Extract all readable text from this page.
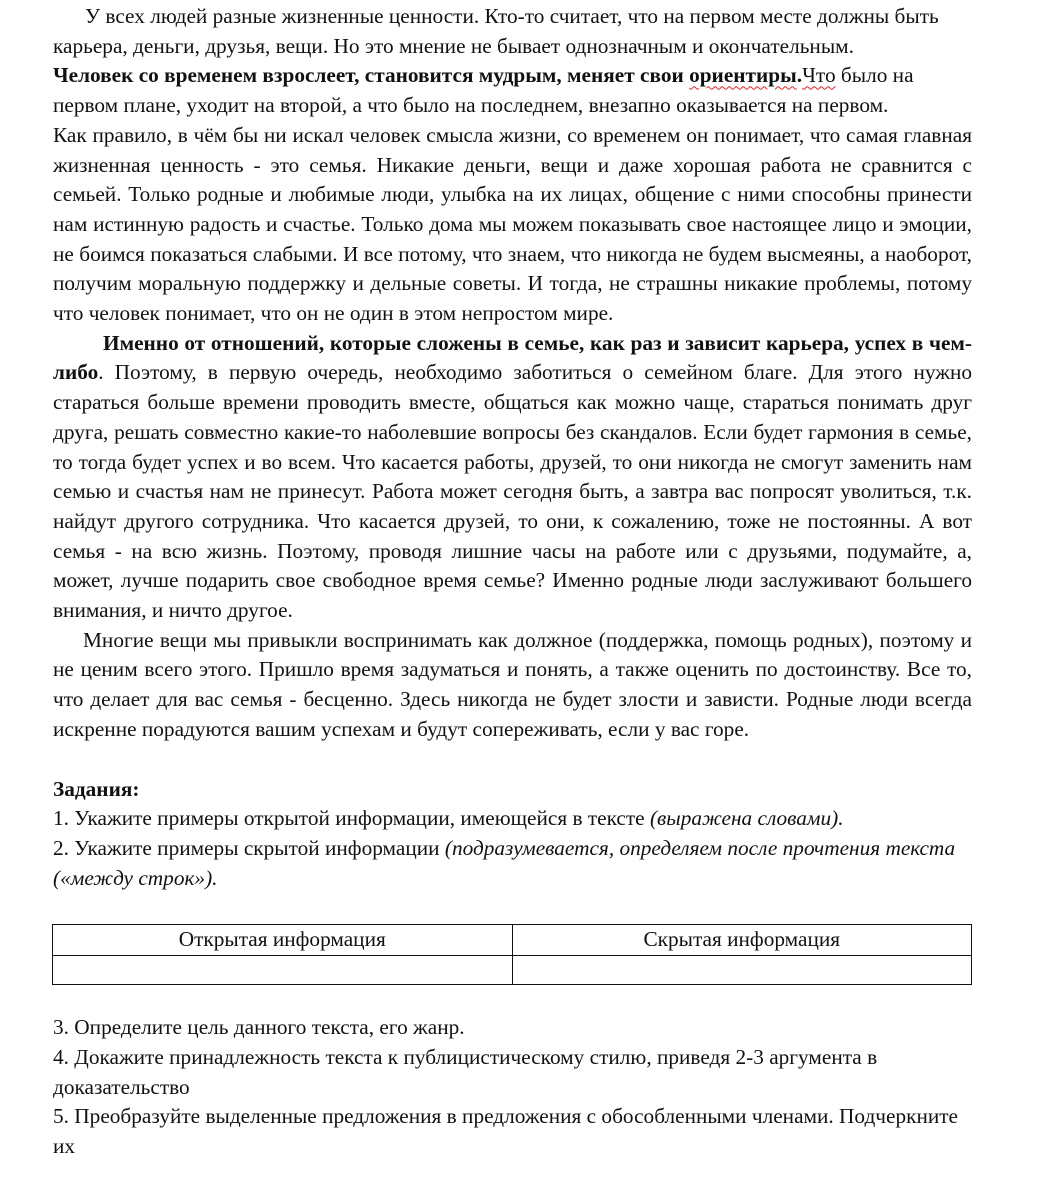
У всех людей разные жизненные ценности. Кто-то считает, что на первом месте должны быть карьера, деньги, друзья, вещи. Но это мнение не бывает однозначным и окончательным.
Человек со временем взрослеет, становится мудрым, меняет свои ориентиры.Что было на первом плане, уходит на второй, а что было на последнем, внезапно оказывается на первом.

Как правило, в чём бы ни искал человек смысла жизни, со временем он понимает, что самая главная жизненная ценность - это семья. Никакие деньги, вещи и даже хорошая работа не сравнится с семьей. Только родные и любимые люди, улыбка на их лицах, общение с ними способны принести нам истинную радость и счастье. Только дома мы можем показывать свое настоящее лицо и эмоции, не боимся показаться слабыми. И все потому, что знаем, что никогда не будем высмеяны, а наоборот, получим моральную поддержку и дельные советы. И тогда, не страшны никакие проблемы, потому что человек понимает, что он не один в этом непростом мире.

Именно от отношений, которые сложены в семье, как раз и зависит карьера, успех в чем-либо. Поэтому, в первую очередь, необходимо заботиться о семейном благе. Для этого нужно стараться больше времени проводить вместе, общаться как можно чаще, стараться понимать друг друга, решать совместно какие-то наболевшие вопросы без скандалов. Если будет гармония в семье, то тогда будет успех и во всем. Что касается работы, друзей, то они никогда не смогут заменить нам семью и счастья нам не принесут. Работа может сегодня быть, а завтра вас попросят уволиться, т.к. найдут другого сотрудника. Что касается друзей, то они, к сожалению, тоже не постоянны. А вот семья - на всю жизнь. Поэтому, проводя лишние часы на работе или с друзьями, подумайте, а, может, лучше подарить свое свободное время семье? Именно родные люди заслуживают большего внимания, и ничто другое.

Многие вещи мы привыкли воспринимать как должное (поддержка, помощь родных), поэтому и не ценим всего этого. Пришло время задуматься и понять, а также оценить по достоинству. Все то, что делает для вас семья - бесценно. Здесь никогда не будет злости и зависти. Родные люди всегда искренне порадуются вашим успехам и будут сопереживать, если у вас горе.

Задания:

1. Укажите примеры открытой информации, имеющейся в тексте (выражена словами).

2. Укажите примеры скрытой информации (подразумевается, определяем после прочтения текста («между строк»).

Открытая информация	Скрытая информация

3. Определите цель данного текста, его жанр.

4. Докажите принадлежность текста к публицистическому стилю, приведя 2-3 аргумента в доказательство

5. Преобразуйте выделенные предложения в предложения с обособленными членами. Подчеркните их
